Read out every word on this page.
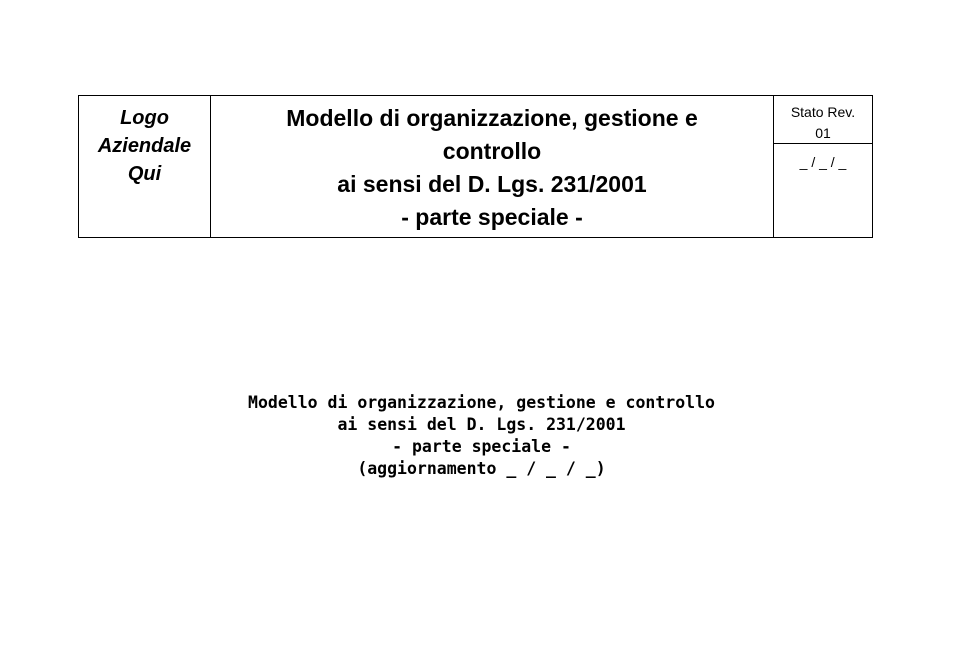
Logo
Aziendale
Qui

Modello di organizzazione, gestione e
controllo
ai sensi del D. Lgs. 231/2001
- parte speciale -

Stato Rev.
01
_ / _ / _
Modello di organizzazione, gestione e controllo
ai sensi del D. Lgs. 231/2001
- parte speciale -
(aggiornamento _ / _ / _)
